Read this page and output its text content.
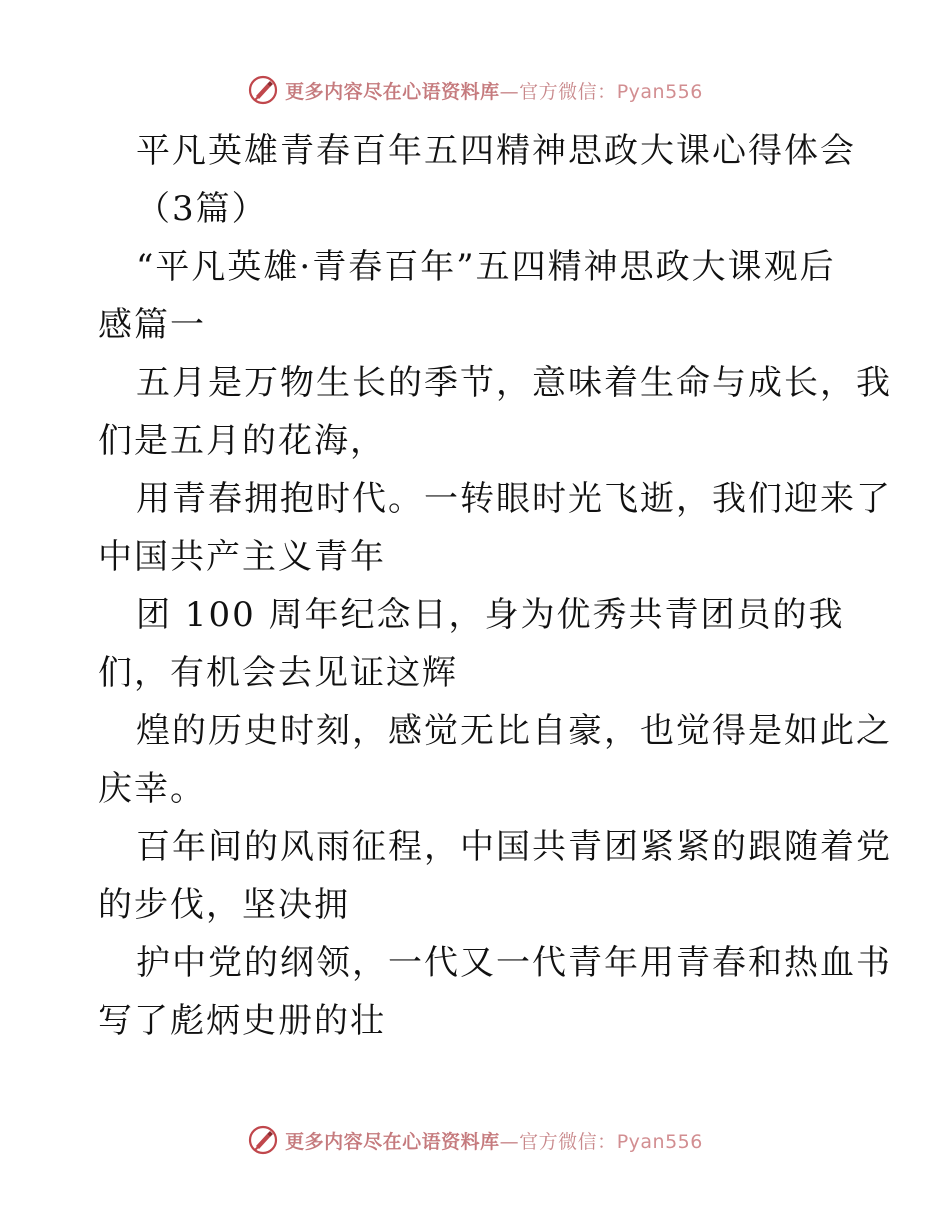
更多内容尽在心语资料库—官方微信：Pyan556
平凡英雄青春百年五四精神思政大课心得体会
（3篇）
“平凡英雄·青春百年”五四精神思政大课观后
感篇一
五月是万物生长的季节，意味着生命与成长，我
们是五月的花海，
用青春拥抱时代。一转眼时光飞逝，我们迎来了
中国共产主义青年
团 100 周年纪念日，身为优秀共青团员的我
们，有机会去见证这辉
煌的历史时刻，感觉无比自豪，也觉得是如此之
庆幸。
百年间的风雨征程，中国共青团紧紧的跟随着党
的步伐，坚决拥
护中党的纲领，一代又一代青年用青春和热血书
写了彪炳史册的壮
更多内容尽在心语资料库—官方微信：Pyan556
